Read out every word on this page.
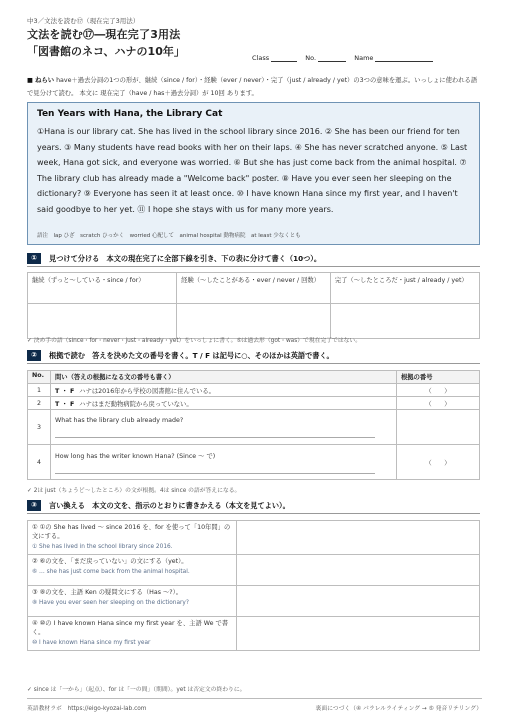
中3／文法を読む⑰（現在完了3用法）
文法を読む⑰―現在完了3用法
「図書館のネコ、ハナの10年」	Class	No.	Name
■ ねらい have＋過去分詞の1つの形が、継続（since / for）・経験（ever / never）・完了（just / already / yet）の3つの意味を運ぶ。いっしょに使われる語で見分けて読む。 本文に 現在完了（have / has＋過去分詞）が 10回 あります。
Ten Years with Hana, the Library Cat
①Hana is our library cat. She has lived in the school library since 2016. ② She has been our friend for ten years. ③ Many students have read books with her on their laps. ④ She has never scratched anyone. ⑤ Last week, Hana got sick, and everyone was worried. ⑥ But she has just come back from the animal hospital. ⑦ The library club has already made a "Welcome back" poster. ⑧ Have you ever seen her sleeping on the dictionary? ⑨ Everyone has seen it at least once. ⑩ I have known Hana since my first year, and I haven't said goodbye to her yet. ⑪ I hope she stays with us for many more years.
語注　lap ひざ　scratch ひっかく　worried 心配して　animal hospital 動物病院　at least 少なくとも
①	見つけて分ける　本文の現在完了に全部下線を引き、下の表に分けて書く（10つ）。
継続（ずっと～している・since / for）	経験（～したことがある・ever / never / 回数）	完了（～したところだ・just / already / yet）

✓ 決め手の語（since・for・never・just・already・yet）をいっしょに書く。⑤は過去形（got・was）で現在完了ではない。
②	根拠で読む　答えを決めた文の番号を書く。T / F は記号に○、そのほかは英語で書く。
No.	問い（答えの根拠になる文の番号も書く）	根拠の番号
1	T ・ F ハナは2016年から学校の図書館に住んでいる。	（　　）
2	T ・ F ハナはまだ動物病院から戻っていない。	（　　）
3	What has the library club already made?

4	How long has the writer known Hana? (Since 〜 で)	（　　）
✓ 2は just（ちょうど～したところ）の文が根拠。4は since の語が答えになる。
③	言い換える　本文の文を、指示のとおりに書きかえる（本文を見てよい）。
① ①の She has lived 〜 since 2016 を、for を使って「10年間」の文にする。
① She has lived in the school library since 2016.	

② ⑥の文を、「まだ戻っていない」の文にする（yet）。
⑥ … she has just come back from the animal hospital.	

③ ⑧の文を、主語 Ken の疑問文にする（Has 〜?）。
⑧ Have you ever seen her sleeping on the dictionary?	

④ ⑩の I have known Hana since my first year を、主語 We で書く。
⑩ I have known Hana since my first year	

✓ since は「一から」（起点）、for は「一の間」（期間）。yet は否定文の終わりに。
英語教材ラボ　https://eigo-kyozai-lab.com	裏面につづく（④ パラレルライティング → ⑤ 発音リテリング）
